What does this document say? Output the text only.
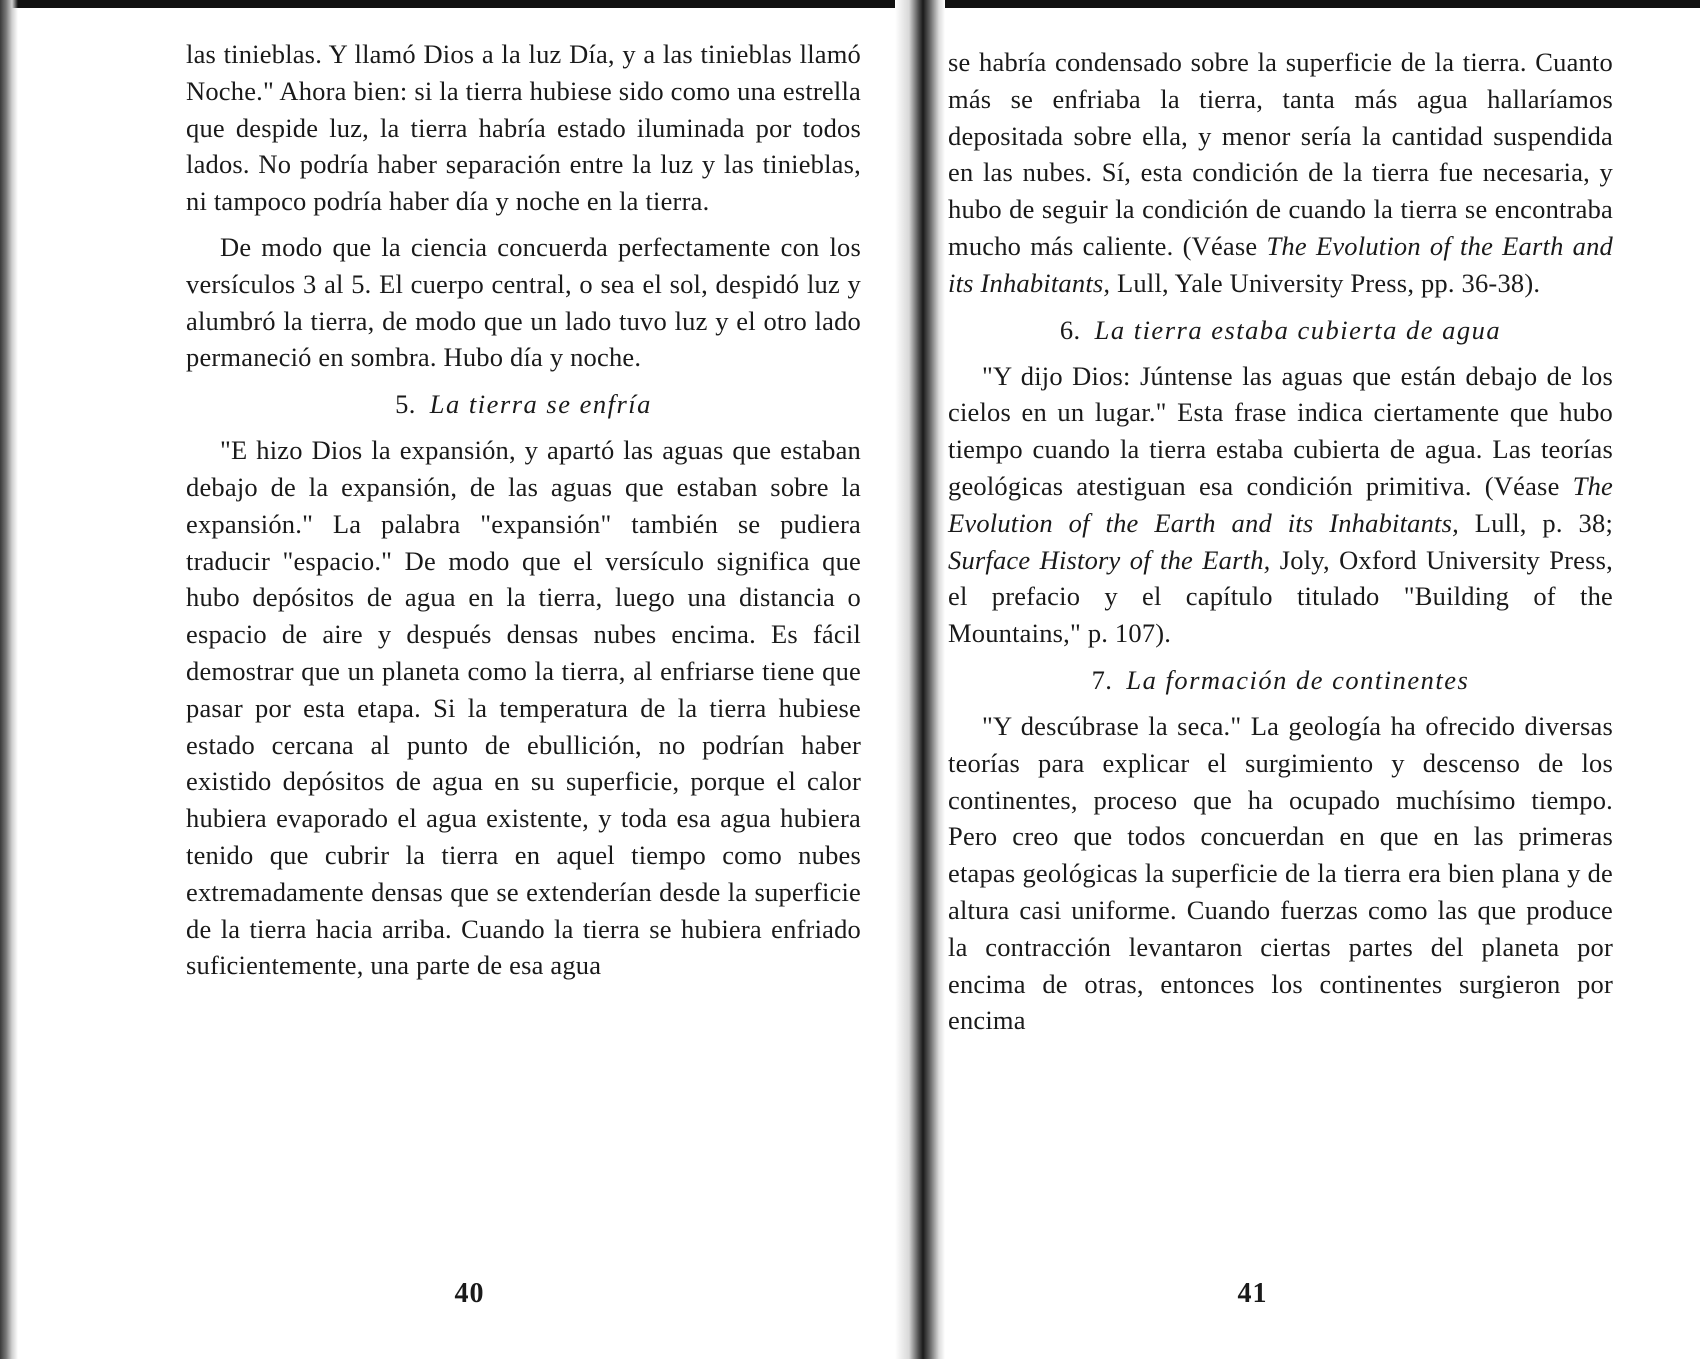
las tinieblas. Y llamó Dios a la luz Día, y a las tinieblas llamó Noche." Ahora bien: si la tierra hubiese sido como una estrella que despide luz, la tierra habría estado iluminada por todos lados. No podría haber separación entre la luz y las tinieblas, ni tampoco podría haber día y noche en la tierra.

De modo que la ciencia concuerda perfectamente con los versículos 3 al 5. El cuerpo central, o sea el sol, despidó luz y alumbró la tierra, de modo que un lado tuvo luz y el otro lado permaneció en sombra. Hubo día y noche.

5. La tierra se enfría

"E hizo Dios la expansión, y apartó las aguas que estaban debajo de la expansión, de las aguas que estaban sobre la expansión." La palabra "expansión" también se pudiera traducir "espacio." De modo que el versículo significa que hubo depósitos de agua en la tierra, luego una distancia o espacio de aire y después densas nubes encima. Es fácil demostrar que un planeta como la tierra, al enfriarse tiene que pasar por esta etapa. Si la temperatura de la tierra hubiese estado cercana al punto de ebullición, no podrían haber existido depósitos de agua en su superficie, porque el calor hubiera evaporado el agua existente, y toda esa agua hubiera tenido que cubrir la tierra en aquel tiempo como nubes extremadamente densas que se extenderían desde la superficie de la tierra hacia arriba. Cuando la tierra se hubiera enfriado suficientemente, una parte de esa agua

40

se habría condensado sobre la superficie de la tierra. Cuanto más se enfriaba la tierra, tanta más agua hallaríamos depositada sobre ella, y menor sería la cantidad suspendida en las nubes. Sí, esta condición de la tierra fue necesaria, y hubo de seguir la condición de cuando la tierra se encontraba mucho más caliente. (Véase The Evolution of the Earth and its Inhabitants, Lull, Yale University Press, pp. 36-38).

6. La tierra estaba cubierta de agua

"Y dijo Dios: Júntense las aguas que están debajo de los cielos en un lugar." Esta frase indica ciertamente que hubo tiempo cuando la tierra estaba cubierta de agua. Las teorías geológicas atestiguan esa condición primitiva. (Véase The Evolution of the Earth and its Inhabitants, Lull, p. 38; Surface History of the Earth, Joly, Oxford University Press, el prefacio y el capítulo titulado "Building of the Mountains," p. 107).

7. La formación de continentes

"Y descúbrase la seca." La geología ha ofrecido diversas teorías para explicar el surgimiento y descenso de los continentes, proceso que ha ocupado muchísimo tiempo. Pero creo que todos concuerdan en que en las primeras etapas geológicas la superficie de la tierra era bien plana y de altura casi uniforme. Cuando fuerzas como las que produce la contracción levantaron ciertas partes del planeta por encima de otras, entonces los continentes surgieron por encima

41
